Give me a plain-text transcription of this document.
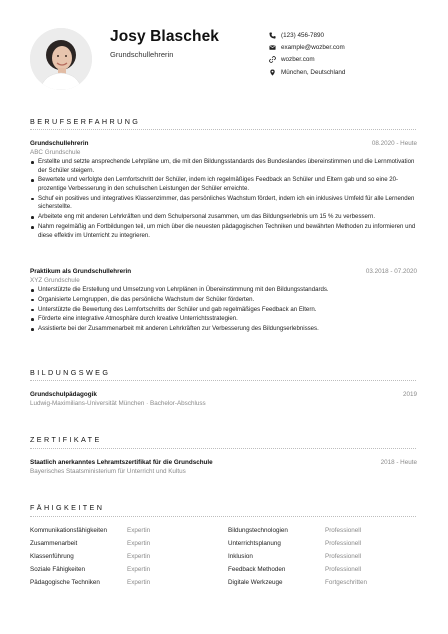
Josy Blaschek
Grundschullehrerin
(123) 456-7890
example@wozber.com
wozber.com
München, Deutschland
BERUFSERFAHRUNG
Grundschullehrerin	08.2020 - Heute
ABC Grundschule
Erstellte und setzte ansprechende Lehrpläne um, die mit den Bildungsstandards des Bundeslandes übereinstimmen und die Lernmotivation der Schüler steigern.
Bewertete und verfolgte den Lernfortschritt der Schüler, indem ich regelmäßiges Feedback an Schüler und Eltern gab und so eine 20-prozentige Verbesserung in den schulischen Leistungen der Schüler erreichte.
Schuf ein positives und integratives Klassenzimmer, das persönliches Wachstum fördert, indem ich ein inklusives Umfeld für alle Lernenden sicherstellte.
Arbeitete eng mit anderen Lehrkräften und dem Schulpersonal zusammen, um das Bildungserlebnis um 15 % zu verbessern.
Nahm regelmäßig an Fortbildungen teil, um mich über die neuesten pädagogischen Techniken und bewährten Methoden zu informieren und diese effektiv im Unterricht zu integrieren.
Praktikum als Grundschullehrerin	03.2018 - 07.2020
XYZ Grundschule
Unterstützte die Erstellung und Umsetzung von Lehrplänen in Übereinstimmung mit den Bildungsstandards.
Organisierte Lerngruppen, die das persönliche Wachstum der Schüler förderten.
Unterstützte die Bewertung des Lernfortschritts der Schüler und gab regelmäßiges Feedback an Eltern.
Förderte eine integrative Atmosphäre durch kreative Unterrichtsstrategien.
Assistierte bei der Zusammenarbeit mit anderen Lehrkräften zur Verbesserung des Bildungserlebnisses.
BILDUNGSWEG
Grundschulpädagogik	2019
Ludwig-Maximilians-Universität München · Bachelor-Abschluss
ZERTIFIKATE
Staatlich anerkanntes Lehramtszertifikat für die Grundschule	2018 - Heute
Bayerisches Staatsministerium für Unterricht und Kultus
FÄHIGKEITEN
Kommunikationsfähigkeiten	Expertin	Bildungstechnologien	Professionell
Zusammenarbeit	Expertin	Unterrichtsplanung	Professionell
Klassenführung	Expertin	Inklusion	Professionell
Soziale Fähigkeiten	Expertin	Feedback Methoden	Professionell
Pädagogische Techniken	Expertin	Digitale Werkzeuge	Fortgeschritten
